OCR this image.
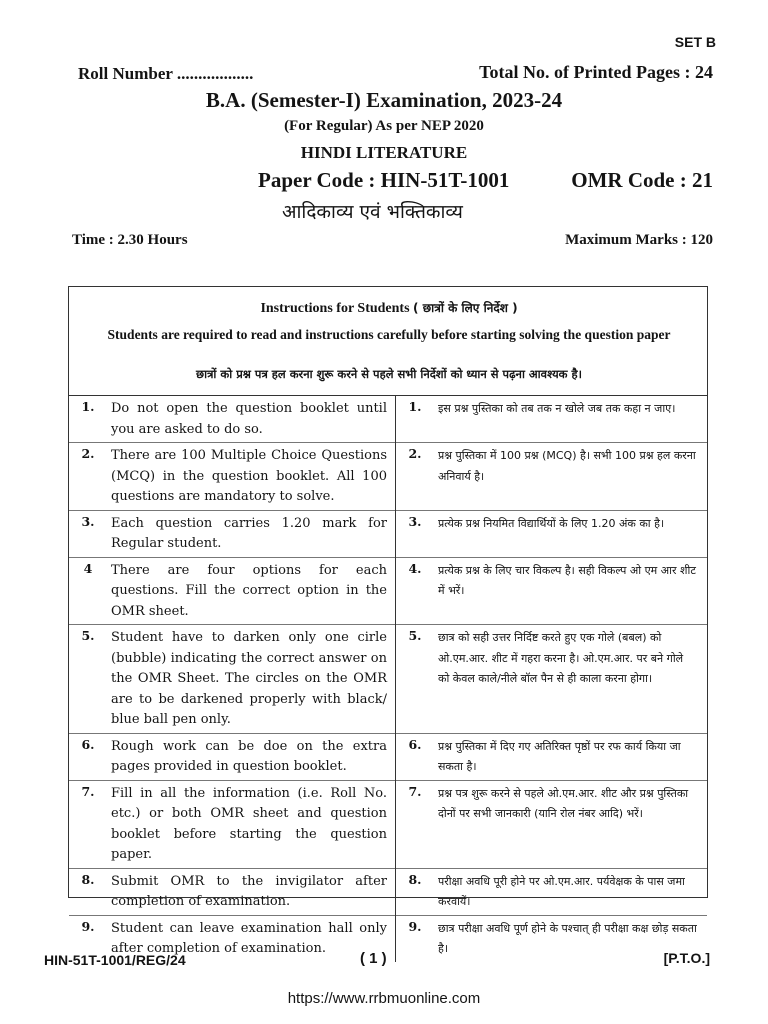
SET B
Roll Number ..................	Total No. of Printed Pages : 24
B.A. (Semester-I) Examination, 2023-24
(For Regular) As per NEP 2020
HINDI LITERATURE
Paper Code : HIN-51T-1001	OMR Code : 21
आदिकाव्य एवं भक्तिकाव्य
Time : 2.30 Hours	Maximum Marks : 120
Instructions for Students ( छात्रों के लिए निर्देश )
Students are required to read and instructions carefully before starting solving the question paper
छात्रों को प्रश्न पत्र हल करना शुरू करने से पहले सभी निर्देशों को ध्यान से पढ़ना आवश्यक है।
1.	Do not open the question booklet until you are asked to do so.	1.	इस प्रश्न पुस्तिका को तब तक न खोले जब तक कहा न जाए।
2.	There are 100 Multiple Choice Questions (MCQ) in the question booklet. All 100 questions are mandatory to solve.	2.	प्रश्न पुस्तिका में 100 प्रश्न (MCQ) है। सभी 100 प्रश्न हल करना अनिवार्य है।
3.	Each question carries 1.20 mark for Regular student.	3.	प्रत्येक प्रश्न नियमित विद्यार्थियों के लिए 1.20 अंक का है।
4	There are four options for each questions. Fill the correct option in the OMR sheet.	4.	प्रत्येक प्रश्न के लिए चार विकल्प है। सही विकल्प ओ एम आर शीट में भरें।
5.	Student have to darken only one cirle (bubble) indicating the correct answer on the OMR Sheet. The circles on the OMR are to be darkened properly with black/ blue ball pen only.	5.	छात्र को सही उत्तर निर्दिष्ट करते हुए एक गोले (बबल) को ओ.एम.आर. शीट में गहरा करना है। ओ.एम.आर. पर बने गोले को केवल काले/नीले बॉल पैन से ही काला करना होगा।
6.	Rough work can be doe on the extra pages provided in question booklet.	6.	प्रश्न पुस्तिका में दिए गए अतिरिक्त पृष्ठों पर रफ कार्य किया जा सकता है।
7.	Fill in all the information (i.e. Roll No. etc.) or both OMR sheet and question booklet before starting the question paper.	7.	प्रश्न पत्र शुरू करने से पहले ओ.एम.आर. शीट और प्रश्न पुस्तिका दोनों पर सभी जानकारी (यानि रोल नंबर आदि) भरें।
8.	Submit OMR to the invigilator after completion of examination.	8.	परीक्षा अवधि पूरी होने पर ओ.एम.आर. पर्यवेक्षक के पास जमा करवायें।
9.	Student can leave examination hall only after completion of examination.	9.	छात्र परीक्षा अवधि पूर्ण होने के पश्चात् ही परीक्षा कक्ष छोड़ सकता है।
HIN-51T-1001/REG/24	( 1 )	[P.T.O.]
https://www.rrbmuonline.com
